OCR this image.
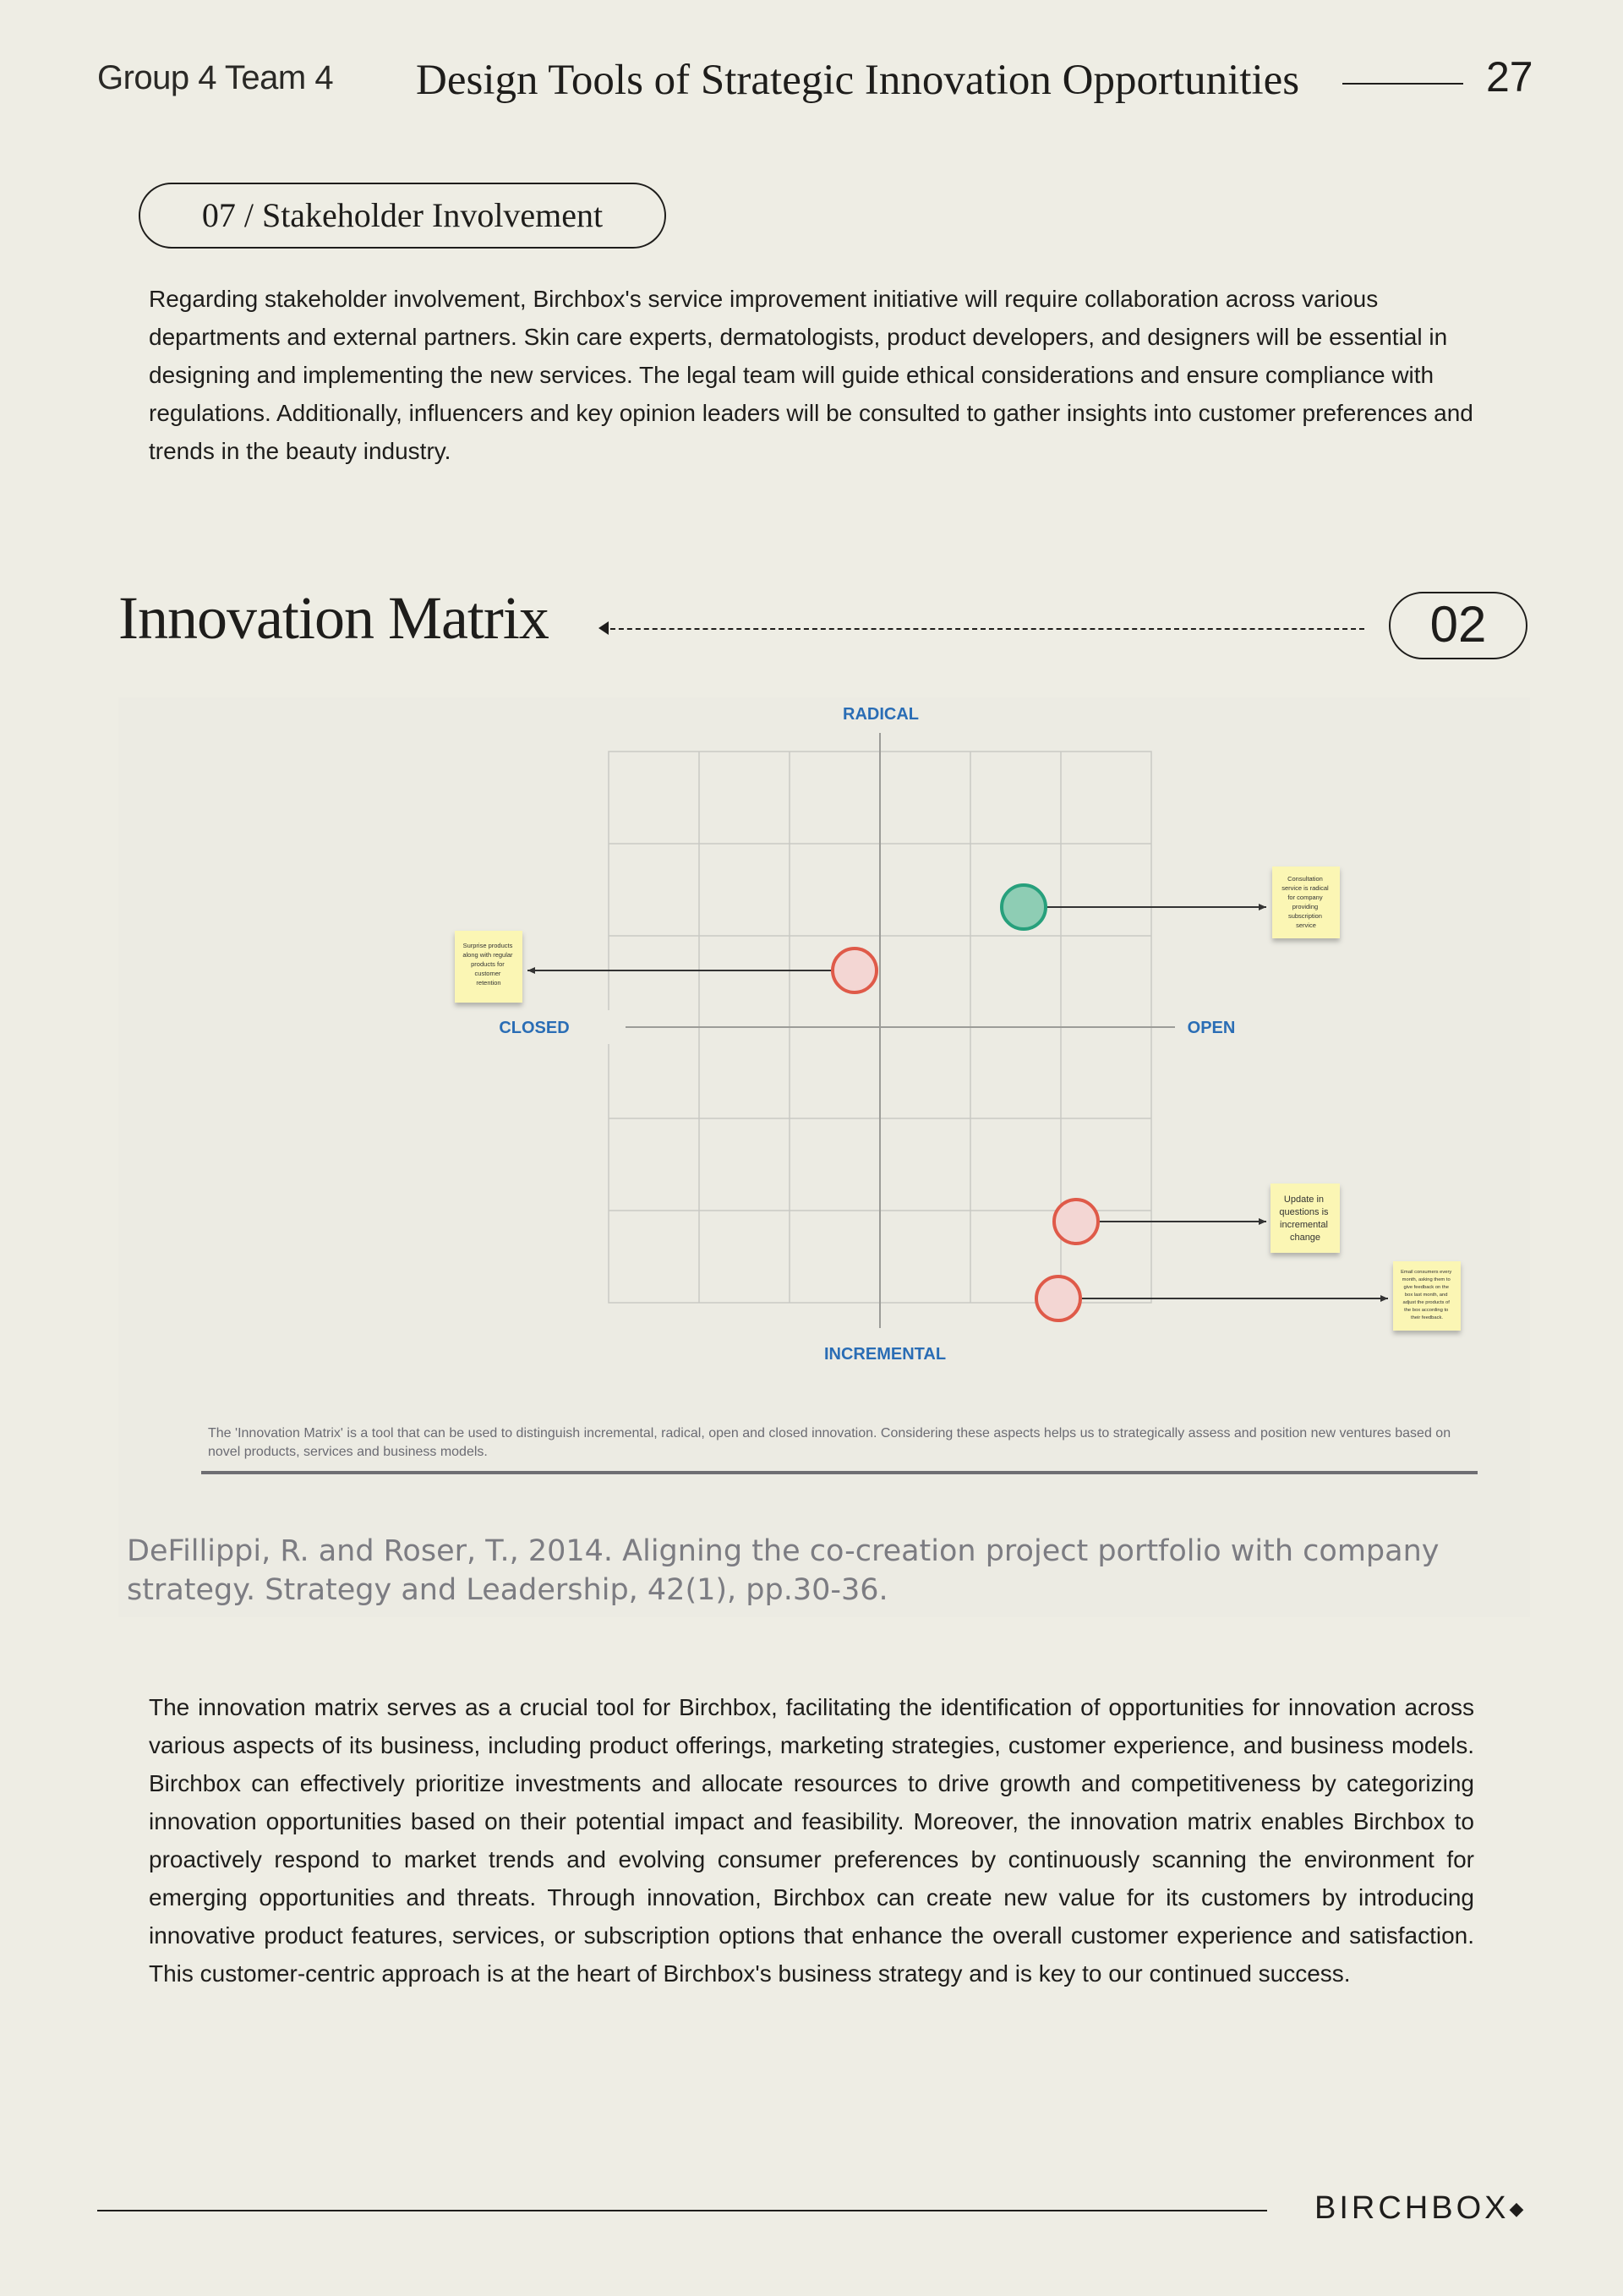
Group 4 Team 4 Design Tools of Strategic Innovation Opportunities	27
07 / Stakeholder Involvement
Regarding stakeholder involvement, Birchbox's service improvement initiative will require collaboration across various departments and external partners. Skin care experts, dermatologists, product developers, and designers will be essential in designing and implementing the new services. The legal team will guide ethical considerations and ensure compliance with regulations. Additionally, influencers and key opinion leaders will be consulted to gather insights into customer preferences and trends in the beauty industry.
Innovation Matrix	02
RADICAL
INCREMENTAL
CLOSED	OPEN
Consultation service is radical for company providing subscription service
Surprise products along with regular products for customer retention
Update in questions is incremental change
Email consumers every month, asking them to give feedback on the box last month, and adjust the products of the box according to their feedback.
The 'Innovation Matrix' is a tool that can be used to distinguish incremental, radical, open and closed innovation. Considering these aspects helps us to strategically assess and position new ventures based on novel products, services and business models.
DeFillippi, R. and Roser, T., 2014. Aligning the co-creation project portfolio with company strategy. Strategy and Leadership, 42(1), pp.30-36.
The innovation matrix serves as a crucial tool for Birchbox, facilitating the identification of opportunities for innovation across various aspects of its business, including product offerings, marketing strategies, customer experience, and business models. Birchbox can effectively prioritize investments and allocate resources to drive growth and competitiveness by categorizing innovation opportunities based on their potential impact and feasibility. Moreover, the innovation matrix enables Birchbox to proactively respond to market trends and evolving consumer preferences by continuously scanning the environment for emerging opportunities and threats. Through innovation, Birchbox can create new value for its customers by introducing innovative product features, services, or subscription options that enhance the overall customer experience and satisfaction. This customer-centric approach is at the heart of Birchbox's business strategy and is key to our continued success.
BIRCHBOX◆
